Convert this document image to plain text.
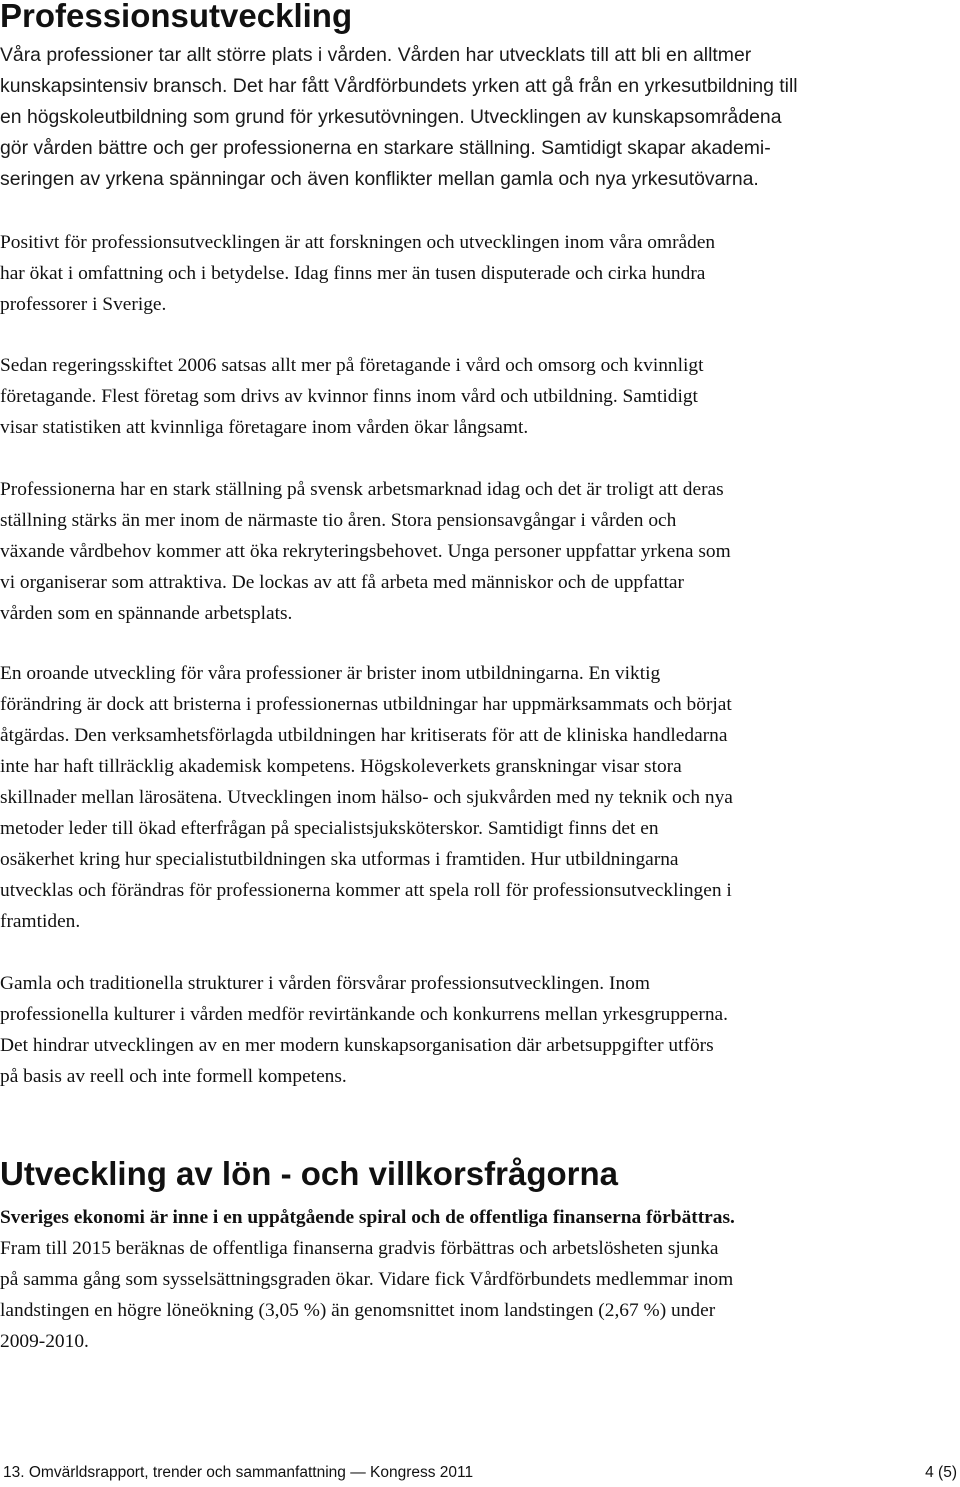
Professionsutveckling

Våra professioner tar allt större plats i vården. Vården har utvecklats till att bli en alltmer
kunskapsintensiv bransch. Det har fått Vårdförbundets yrken att gå från en yrkesutbildning till
en högskoleutbildning som grund för yrkesutövningen. Utvecklingen av kunskapsområdena
gör vården bättre och ger professionerna en starkare ställning. Samtidigt skapar akademi-
seringen av yrkena spänningar och även konflikter mellan gamla och nya yrkesutövarna.

Positivt för professionsutvecklingen är att forskningen och utvecklingen inom våra områden
har ökat i omfattning och i betydelse. Idag finns mer än tusen disputerade och cirka hundra
professorer i Sverige.

Sedan regeringsskiftet 2006 satsas allt mer på företagande i vård och omsorg och kvinnligt
företagande. Flest företag som drivs av kvinnor finns inom vård och utbildning. Samtidigt
visar statistiken att kvinnliga företagare inom vården ökar långsamt.

Professionerna har en stark ställning på svensk arbetsmarknad idag och det är troligt att deras
ställning stärks än mer inom de närmaste tio åren. Stora pensionsavgångar i vården och
växande vårdbehov kommer att öka rekryteringsbehovet. Unga personer uppfattar yrkena som
vi organiserar som attraktiva. De lockas av att få arbeta med människor och de uppfattar
vården som en spännande arbetsplats.

En oroande utveckling för våra professioner är brister inom utbildningarna. En viktig
förändring är dock att bristerna i professionernas utbildningar har uppmärksammats och börjat
åtgärdas. Den verksamhetsförlagda utbildningen har kritiserats för att de kliniska handledarna
inte har haft tillräcklig akademisk kompetens. Högskoleverkets granskningar visar stora
skillnader mellan lärosätena. Utvecklingen inom hälso- och sjukvården med ny teknik och nya
metoder leder till ökad efterfrågan på specialistsjuksköterskor. Samtidigt finns det en
osäkerhet kring hur specialistutbildningen ska utformas i framtiden. Hur utbildningarna
utvecklas och förändras för professionerna kommer att spela roll för professionsutvecklingen i
framtiden.

Gamla och traditionella strukturer i vården försvårar professionsutvecklingen. Inom
professionella kulturer i vården medför revirtänkande och konkurrens mellan yrkesgrupperna.
Det hindrar utvecklingen av en mer modern kunskapsorganisation där arbetsuppgifter utförs
på basis av reell och inte formell kompetens.

Utveckling av lön - och villkorsfrågorna

Sveriges ekonomi är inne i en uppåtgående spiral och de offentliga finanserna förbättras.
Fram till 2015 beräknas de offentliga finanserna gradvis förbättras och arbetslösheten sjunka
på samma gång som sysselsättningsgraden ökar. Vidare fick Vårdförbundets medlemmar inom
landstingen en högre löneökning (3,05 %) än genomsnittet inom landstingen (2,67 %) under
2009-2010.

13. Omvärldsrapport, trender och sammanfattning — Kongress 2011	4 (5)
